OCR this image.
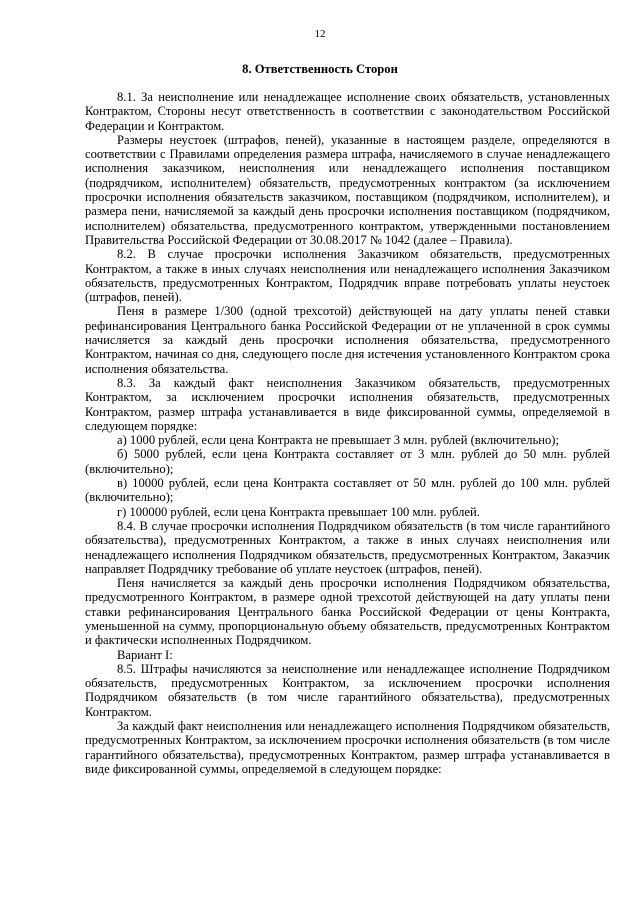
12
8. Ответственность Сторон

8.1. За неисполнение или ненадлежащее исполнение своих обязательств, установленных Контрактом, Стороны несут ответственность в соответствии с законодательством Российской Федерации и Контрактом.

Размеры неустоек (штрафов, пеней), указанные в настоящем разделе, определяются в соответствии с Правилами определения размера штрафа, начисляемого в случае ненадлежащего исполнения заказчиком, неисполнения или ненадлежащего исполнения поставщиком (подрядчиком, исполнителем) обязательств, предусмотренных контрактом (за исключением просрочки исполнения обязательств заказчиком, поставщиком (подрядчиком, исполнителем), и размера пени, начисляемой за каждый день просрочки исполнения поставщиком (подрядчиком, исполнителем) обязательства, предусмотренного контрактом, утвержденными постановлением Правительства Российской Федерации от 30.08.2017 № 1042 (далее – Правила).

8.2. В случае просрочки исполнения Заказчиком обязательств, предусмотренных Контрактом, а также в иных случаях неисполнения или ненадлежащего исполнения Заказчиком обязательств, предусмотренных Контрактом, Подрядчик вправе потребовать уплаты неустоек (штрафов, пеней).

Пеня в размере 1/300 (одной трехсотой) действующей на дату уплаты пеней ставки рефинансирования Центрального банка Российской Федерации от не уплаченной в срок суммы начисляется за каждый день просрочки исполнения обязательства, предусмотренного Контрактом, начиная со дня, следующего после дня истечения установленного Контрактом срока исполнения обязательства.

8.3. За каждый факт неисполнения Заказчиком обязательств, предусмотренных Контрактом, за исключением просрочки исполнения обязательств, предусмотренных Контрактом, размер штрафа устанавливается в виде фиксированной суммы, определяемой в следующем порядке:

а) 1000 рублей, если цена Контракта не превышает 3 млн. рублей (включительно);

б) 5000 рублей, если цена Контракта составляет от 3 млн. рублей до 50 млн. рублей (включительно);

в) 10000 рублей, если цена Контракта составляет от 50 млн. рублей до 100 млн. рублей (включительно);

г) 100000 рублей, если цена Контракта превышает 100 млн. рублей.

8.4. В случае просрочки исполнения Подрядчиком обязательств (в том числе гарантийного обязательства), предусмотренных Контрактом, а также в иных случаях неисполнения или ненадлежащего исполнения Подрядчиком обязательств, предусмотренных Контрактом, Заказчик направляет Подрядчику требование об уплате неустоек (штрафов, пеней).

Пеня начисляется за каждый день просрочки исполнения Подрядчиком обязательства, предусмотренного Контрактом, в размере одной трехсотой действующей на дату уплаты пени ставки рефинансирования Центрального банка Российской Федерации от цены Контракта, уменьшенной на сумму, пропорциональную объему обязательств, предусмотренных Контрактом и фактически исполненных Подрядчиком.

Вариант I:

8.5. Штрафы начисляются за неисполнение или ненадлежащее исполнение Подрядчиком обязательств, предусмотренных Контрактом, за исключением просрочки исполнения Подрядчиком обязательств (в том числе гарантийного обязательства), предусмотренных Контрактом.

За каждый факт неисполнения или ненадлежащего исполнения Подрядчиком обязательств, предусмотренных Контрактом, за исключением просрочки исполнения обязательств (в том числе гарантийного обязательства), предусмотренных Контрактом, размер штрафа устанавливается в виде фиксированной суммы, определяемой в следующем порядке:
